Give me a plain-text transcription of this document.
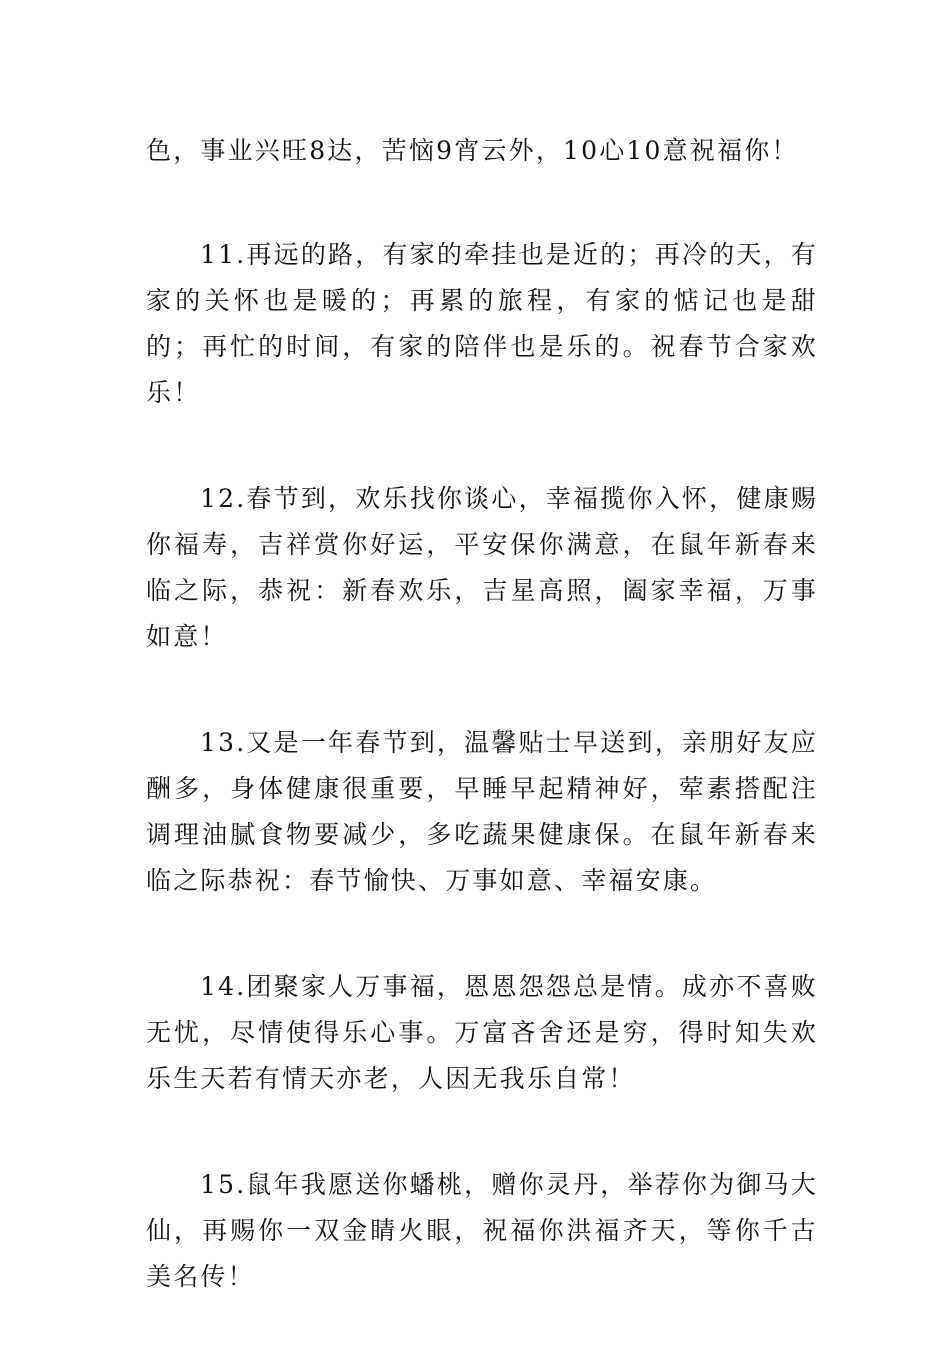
色，事业兴旺8达，苦恼9宵云外，10心10意祝福你！

11.再远的路，有家的牵挂也是近的；再冷的天，有家的关怀也是暖的；再累的旅程，有家的惦记也是甜的；再忙的时间，有家的陪伴也是乐的。祝春节合家欢乐！

12.春节到，欢乐找你谈心，幸福揽你入怀，健康赐你福寿，吉祥赏你好运，平安保你满意，在鼠年新春来临之际，恭祝：新春欢乐，吉星高照，阖家幸福，万事如意！

13.又是一年春节到，温馨贴士早送到，亲朋好友应酬多，身体健康很重要，早睡早起精神好，荤素搭配注调理油腻食物要减少，多吃蔬果健康保。在鼠年新春来临之际恭祝：春节愉快、万事如意、幸福安康。

14.团聚家人万事福，恩恩怨怨总是情。成亦不喜败无忧，尽情使得乐心事。万富吝舍还是穷，得时知失欢乐生天若有情天亦老，人因无我乐自常！

15.鼠年我愿送你蟠桃，赠你灵丹，举荐你为御马大仙，再赐你一双金睛火眼，祝福你洪福齐天，等你千古美名传！
